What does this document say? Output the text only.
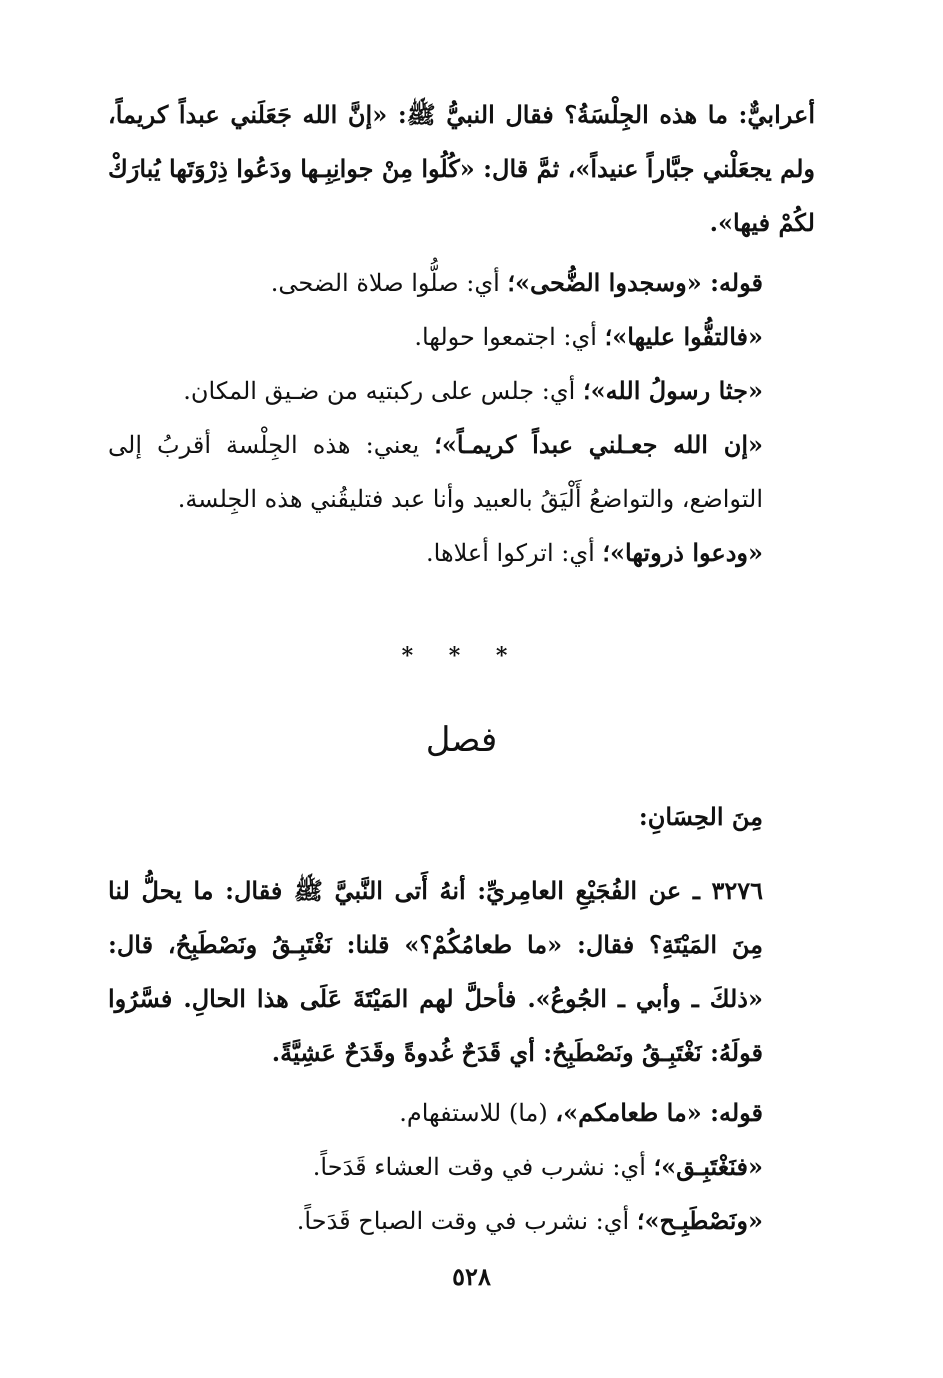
أعرابيٌّ: ما هذه الجِلْسَةُ؟ فقال النبيُّ ﷺ: «إنَّ الله جَعَلَني عبداً كريماً، ولم يجعَلْني جبَّاراً عنيداً»، ثمَّ قال: «كُلُوا مِنْ جوانِبِـها ودَعُوا ذِرْوَتَها يُبارَكْ لكُمْ فيها».

قوله: «وسجدوا الضُّحى»؛ أي: صلُّوا صلاة الضحى.

«فالتفُّوا عليها»؛ أي: اجتمعوا حولها.

«جثا رسولُ الله»؛ أي: جلس على ركبتيه من ضـيق المكان.

«إن الله جعـلني عبداً كريمـاً»؛ يعني: هذه الجِلْسة أقربُ إلى التواضع، والتواضعُ أَلْيَقُ بالعبيد وأنا عبد فتليقُني هذه الجِلسة.

«ودعوا ذروتها»؛ أي: اتركوا أعلاها.

* * *
فصل

مِنَ الحِسَانِ:

٣٢٧٦ ـ عن الفُجَيْعِ العامِريِّ: أنهُ أَتى النَّبيَّ ﷺ فقال: ما يحلُّ لنا مِنَ المَيْتَةِ؟ فقال: «ما طعامُكُمْ؟» قلنا: نَغْتَبِـقُ ونَصْطَبِحُ، قال: «ذلكَ ـ وأبي ـ الجُوعُ». فأحلَّ لهم المَيْتَةَ عَلَى هذا الحالِ. فسَّرُوا قولَهُ: نَغْتَبِـقُ ونَصْطَبِحُ: أي قَدَحٌ غُدوةً وقَدَحٌ عَشِيَّةً.

قوله: «ما طعامكم»، (ما) للاستفهام.

«فنَغْتَبِـق»؛ أي: نشرب في وقت العشاء قَدَحاً.

«ونَصْطَبِـح»؛ أي: نشرب في وقت الصباح قَدَحاً.

٥٢٨
